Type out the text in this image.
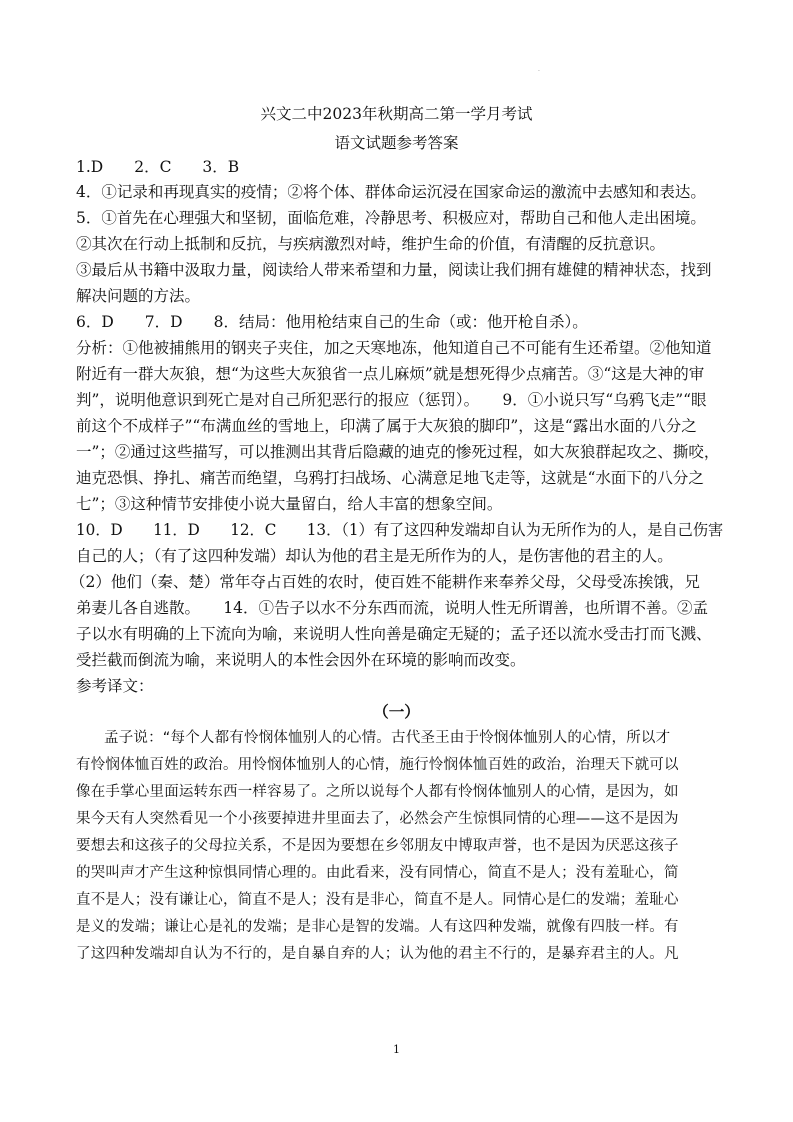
.
兴文二中2023年秋期高二第一学月考试
语文试题参考答案
1.D　　2．C　　3．B
4．①记录和再现真实的疫情；②将个体、群体命运沉浸在国家命运的激流中去感知和表达。
5．①首先在心理强大和坚韧，面临危难，冷静思考、积极应对，帮助自己和他人走出困境。
②其次在行动上抵制和反抗，与疾病激烈对峙，维护生命的价值，有清醒的反抗意识。
③最后从书籍中汲取力量，阅读给人带来希望和力量，阅读让我们拥有雄健的精神状态，找到
解决问题的方法。
6．D　　7．D　　8．结局：他用枪结束自己的生命（或：他开枪自杀）。
分析：①他被捕熊用的钢夹子夹住，加之天寒地冻，他知道自己不可能有生还希望。②他知道
附近有一群大灰狼，想“为这些大灰狼省一点儿麻烦”就是想死得少点痛苦。③“这是大神的审
判”，说明他意识到死亡是对自己所犯恶行的报应（惩罚）。　　9．①小说只写“乌鸦飞走”“眼
前这个不成样子”“布满血丝的雪地上，印满了属于大灰狼的脚印”，这是“露出水面的八分之
一”；②通过这些描写，可以推测出其背后隐藏的迪克的惨死过程，如大灰狼群起攻之、撕咬，
迪克恐惧、挣扎、痛苦而绝望，乌鸦打扫战场、心满意足地飞走等，这就是“水面下的八分之
七”；③这种情节安排使小说大量留白，给人丰富的想象空间。
10．D　　11．D　　12．C　　13．（1）有了这四种发端却自认为无所作为的人，是自己伤害
自己的人；（有了这四种发端）却认为他的君主是无所作为的人，是伤害他的君主的人。
（2）他们（秦、楚）常年夺占百姓的农时，使百姓不能耕作来奉养父母，父母受冻挨饿，兄
弟妻儿各自逃散。　　14．①告子以水不分东西而流，说明人性无所谓善，也所谓不善。②孟
子以水有明确的上下流向为喻，来说明人性向善是确定无疑的；孟子还以流水受击打而飞溅、
受拦截而倒流为喻，来说明人的本性会因外在环境的影响而改变。
参考译文：
（一）
孟子说：“每个人都有怜悯体恤别人的心情。古代圣王由于怜悯体恤别人的心情，所以才
有怜悯体恤百姓的政治。用怜悯体恤别人的心情，施行怜悯体恤百姓的政治，治理天下就可以
像在手掌心里面运转东西一样容易了。之所以说每个人都有怜悯体恤别人的心情，是因为，如
果今天有人突然看见一个小孩要掉进井里面去了，必然会产生惊惧同情的心理——这不是因为
要想去和这孩子的父母拉关系，不是因为要想在乡邻朋友中博取声誉，也不是因为厌恶这孩子
的哭叫声才产生这种惊惧同情心理的。由此看来，没有同情心，简直不是人；没有羞耻心，简
直不是人；没有谦让心，简直不是人；没有是非心，简直不是人。同情心是仁的发端；羞耻心
是义的发端；谦让心是礼的发端；是非心是智的发端。人有这四种发端，就像有四肢一样。有
了这四种发端却自认为不行的，是自暴自弃的人；认为他的君主不行的，是暴弃君主的人。凡
1
